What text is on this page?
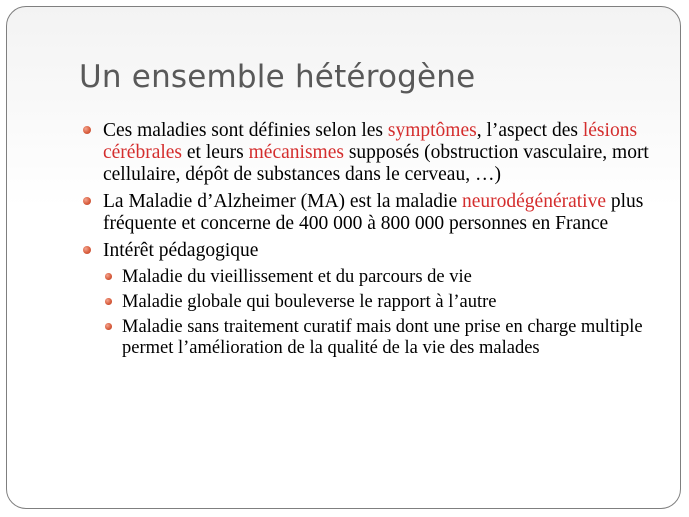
Un ensemble hétérogène
Ces maladies sont définies selon les symptômes, l’aspect des lésions cérébrales et leurs mécanismes supposés (obstruction vasculaire, mort cellulaire, dépôt de substances dans le cerveau, …)
La Maladie d’Alzheimer (MA) est la maladie neurodégénérative plus fréquente et concerne de 400 000 à 800 000 personnes en France
Intérêt pédagogique
Maladie du vieillissement et du parcours de vie
Maladie globale qui bouleverse le rapport à l’autre
Maladie sans traitement curatif mais dont une prise en charge multiple permet l’amélioration de la qualité de la vie des malades
